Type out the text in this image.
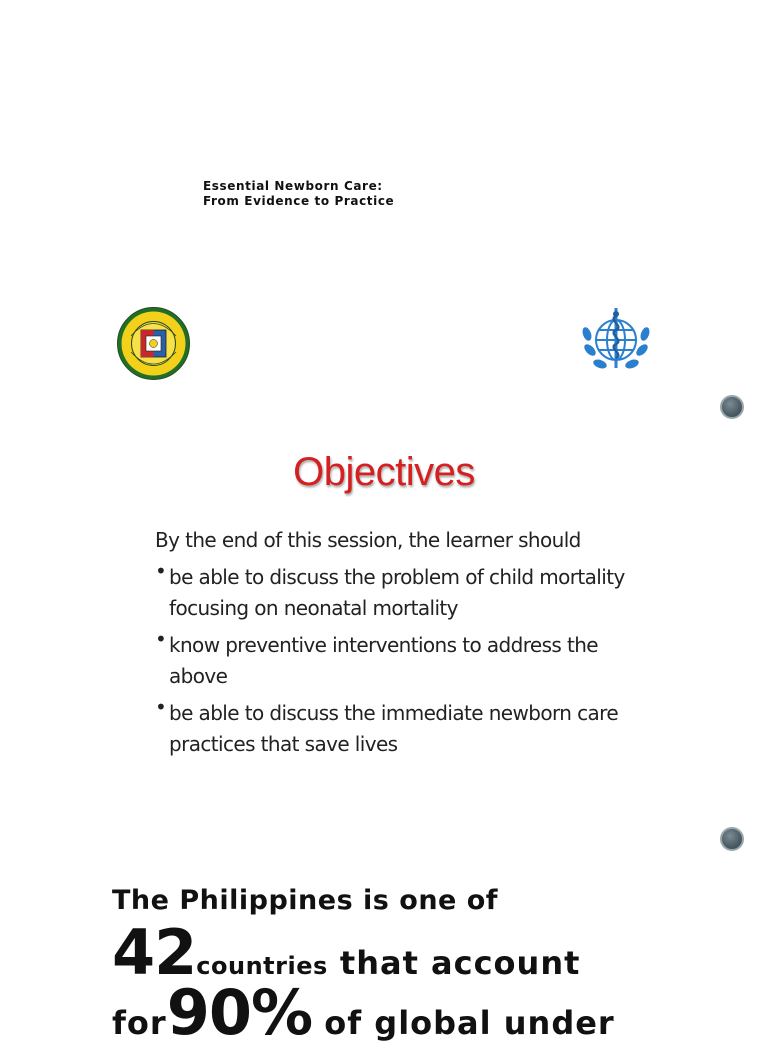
Essential Newborn Care:
From Evidence to Practice
Objectives

By the end of this session, the learner should

• be able to discuss the problem of child mortality focusing on neonatal mortality
• know preventive interventions to address the above
• be able to discuss the immediate newborn care practices that save lives
The Philippines is one of
42countries that account
for90% of global under
